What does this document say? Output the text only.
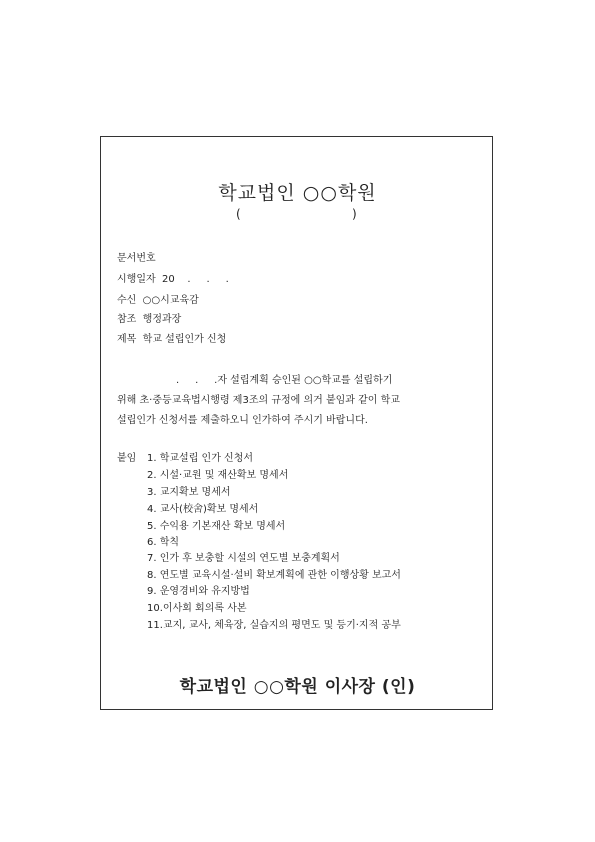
학교법인 ○○학원
(	)
문서번호
시행일자  20    .     .     .
수신  ○○시교육감
참조  행정과장
제목  학교 설립인가 신청
.     .     .자 설립계획 승인된 ○○학교를 설립하기
위해 초·중등교육법시행령 제3조의 규정에 의거 붙임과 같이 학교
설립인가 신청서를 제출하오니 인가하여 주시기 바랍니다.
붙임 1. 학교설립 인가 신청서
2. 시설·교원 및 재산확보 명세서
3. 교지확보 명세서
4. 교사(校舍)확보 명세서
5. 수익용 기본재산 확보 명세서
6. 학칙
7. 인가 후 보충할 시설의 연도별 보충계획서
8. 연도별 교육시설·설비 확보계획에 관한 이행상황 보고서
9. 운영경비와 유지방법
10.이사회 회의록 사본
11.교지, 교사, 체육장, 실습지의 평면도 및 등기·지적 공부
학교법인 ○○학원 이사장 (인)
